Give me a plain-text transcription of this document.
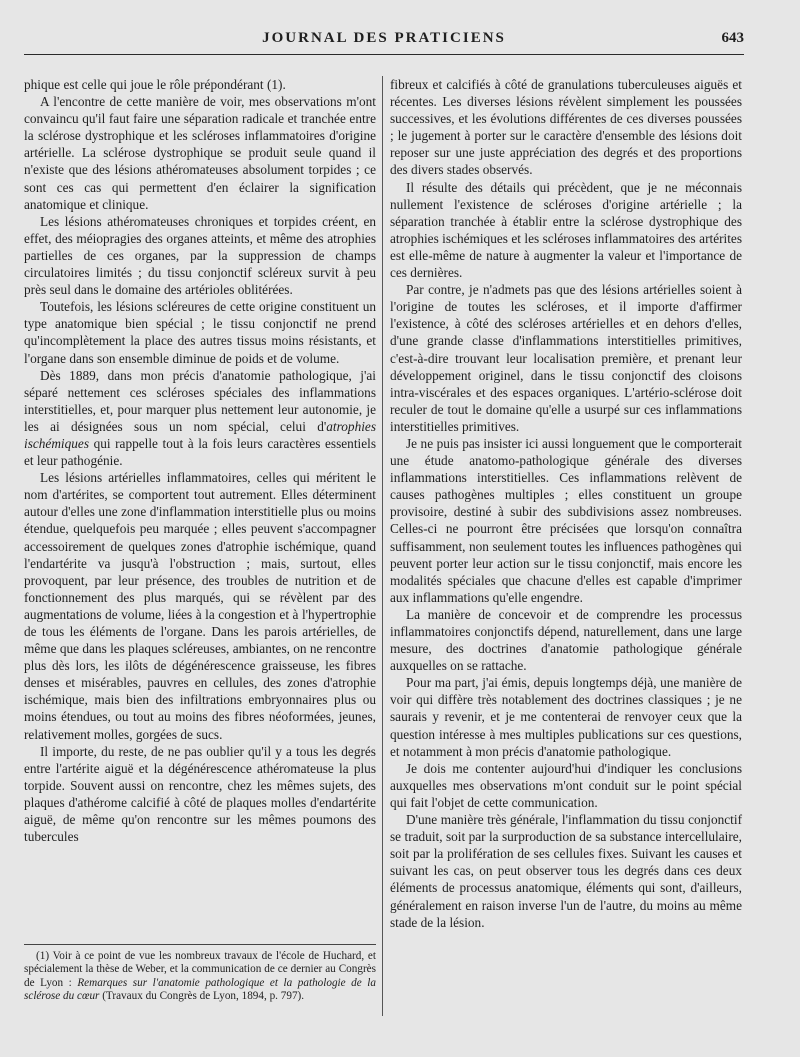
JOURNAL DES PRATICIENS	643

phique est celle qui joue le rôle prépondérant (1).

A l'encontre de cette manière de voir, mes observations m'ont convaincu qu'il faut faire une séparation radicale et tranchée entre la sclérose dystrophique et les scléroses inflammatoires d'origine artérielle. La sclérose dystrophique se produit seule quand il n'existe que des lésions athéromateuses absolument torpides ; ce sont ces cas qui permettent d'en éclairer la signification anatomique et clinique.

Les lésions athéromateuses chroniques et torpides créent, en effet, des méiopragies des organes atteints, et même des atrophies partielles de ces organes, par la suppression de champs circulatoires limités ; du tissu conjonctif scléreux survit à peu près seul dans le domaine des artérioles oblitérées.

Toutefois, les lésions scléreures de cette origine constituent un type anatomique bien spécial ; le tissu conjonctif ne prend qu'incomplètement la place des autres tissus moins résistants, et l'organe dans son ensemble diminue de poids et de volume.

Dès 1889, dans mon précis d'anatomie pathologique, j'ai séparé nettement ces scléroses spéciales des inflammations interstitielles, et, pour marquer plus nettement leur autonomie, je les ai désignées sous un nom spécial, celui d'atrophies ischémiques qui rappelle tout à la fois leurs caractères essentiels et leur pathogénie.

Les lésions artérielles inflammatoires, celles qui méritent le nom d'artérites, se comportent tout autrement. Elles déterminent autour d'elles une zone d'inflammation interstitielle plus ou moins étendue, quelquefois peu marquée ; elles peuvent s'accompagner accessoirement de quelques zones d'atrophie ischémique, quand l'endartérite va jusqu'à l'obstruction ; mais, surtout, elles provoquent, par leur présence, des troubles de nutrition et de fonctionnement des plus marqués, qui se révèlent par des augmentations de volume, liées à la congestion et à l'hypertrophie de tous les éléments de l'organe. Dans les parois artérielles, de même que dans les plaques scléreuses, ambiantes, on ne rencontre plus dès lors, les ilôts de dégénérescence graisseuse, les fibres denses et misérables, pauvres en cellules, des zones d'atrophie ischémique, mais bien des infiltrations embryonnaires plus ou moins étendues, ou tout au moins des fibres néoformées, jeunes, relativement molles, gorgées de sucs.

Il importe, du reste, de ne pas oublier qu'il y a tous les degrés entre l'artérite aiguë et la dégénérescence athéromateuse la plus torpide. Souvent aussi on rencontre, chez les mêmes sujets, des plaques d'athérome calcifié à côté de plaques molles d'endartérite aiguë, de même qu'on rencontre sur les mêmes poumons des tubercules

(1) Voir à ce point de vue les nombreux travaux de l'école de Huchard, et spécialement la thèse de Weber, et la communication de ce dernier au Congrès de Lyon : Remarques sur l'anatomie pathologique et la pathologie de la sclérose du cœur (Travaux du Congrès de Lyon, 1894, p. 797).

fibreux et calcifiés à côté de granulations tuberculeuses aiguës et récentes. Les diverses lésions révèlent simplement les poussées successives, et les évolutions différentes de ces diverses poussées ; le jugement à porter sur le caractère d'ensemble des lésions doit reposer sur une juste appréciation des degrés et des proportions des divers stades observés.

Il résulte des détails qui précèdent, que je ne méconnais nullement l'existence de scléroses d'origine artérielle ; la séparation tranchée à établir entre la sclérose dystrophique des atrophies ischémiques et les scléroses inflammatoires des artérites est elle-même de nature à augmenter la valeur et l'importance de ces dernières.

Par contre, je n'admets pas que des lésions artérielles soient à l'origine de toutes les scléroses, et il importe d'affirmer l'existence, à côté des scléroses artérielles et en dehors d'elles, d'une grande classe d'inflammations interstitielles primitives, c'est-à-dire trouvant leur localisation première, et prenant leur développement originel, dans le tissu conjonctif des cloisons intra-viscérales et des espaces organiques. L'artério-sclérose doit reculer de tout le domaine qu'elle a usurpé sur ces inflammations interstitielles primitives.

Je ne puis pas insister ici aussi longuement que le comporterait une étude anatomo-pathologique générale des diverses inflammations interstitielles. Ces inflammations relèvent de causes pathogènes multiples ; elles constituent un groupe provisoire, destiné à subir des subdivisions assez nombreuses. Celles-ci ne pourront être précisées que lorsqu'on connaîtra suffisamment, non seulement toutes les influences pathogènes qui peuvent porter leur action sur le tissu conjonctif, mais encore les modalités spéciales que chacune d'elles est capable d'imprimer aux inflammations qu'elle engendre.

La manière de concevoir et de comprendre les processus inflammatoires conjonctifs dépend, naturellement, dans une large mesure, des doctrines d'anatomie pathologique générale auxquelles on se rattache.

Pour ma part, j'ai émis, depuis longtemps déjà, une manière de voir qui diffère très notablement des doctrines classiques ; je ne saurais y revenir, et je me contenterai de renvoyer ceux que la question intéresse à mes multiples publications sur ces questions, et notamment à mon précis d'anatomie pathologique.

Je dois me contenter aujourd'hui d'indiquer les conclusions auxquelles mes observations m'ont conduit sur le point spécial qui fait l'objet de cette communication.

D'une manière très générale, l'inflammation du tissu conjonctif se traduit, soit par la surproduction de sa substance intercellulaire, soit par la prolifération de ses cellules fixes. Suivant les causes et suivant les cas, on peut observer tous les degrés dans ces deux éléments de processus anatomique, éléments qui sont, d'ailleurs, généralement en raison inverse l'un de l'autre, du moins au même stade de la lésion.
